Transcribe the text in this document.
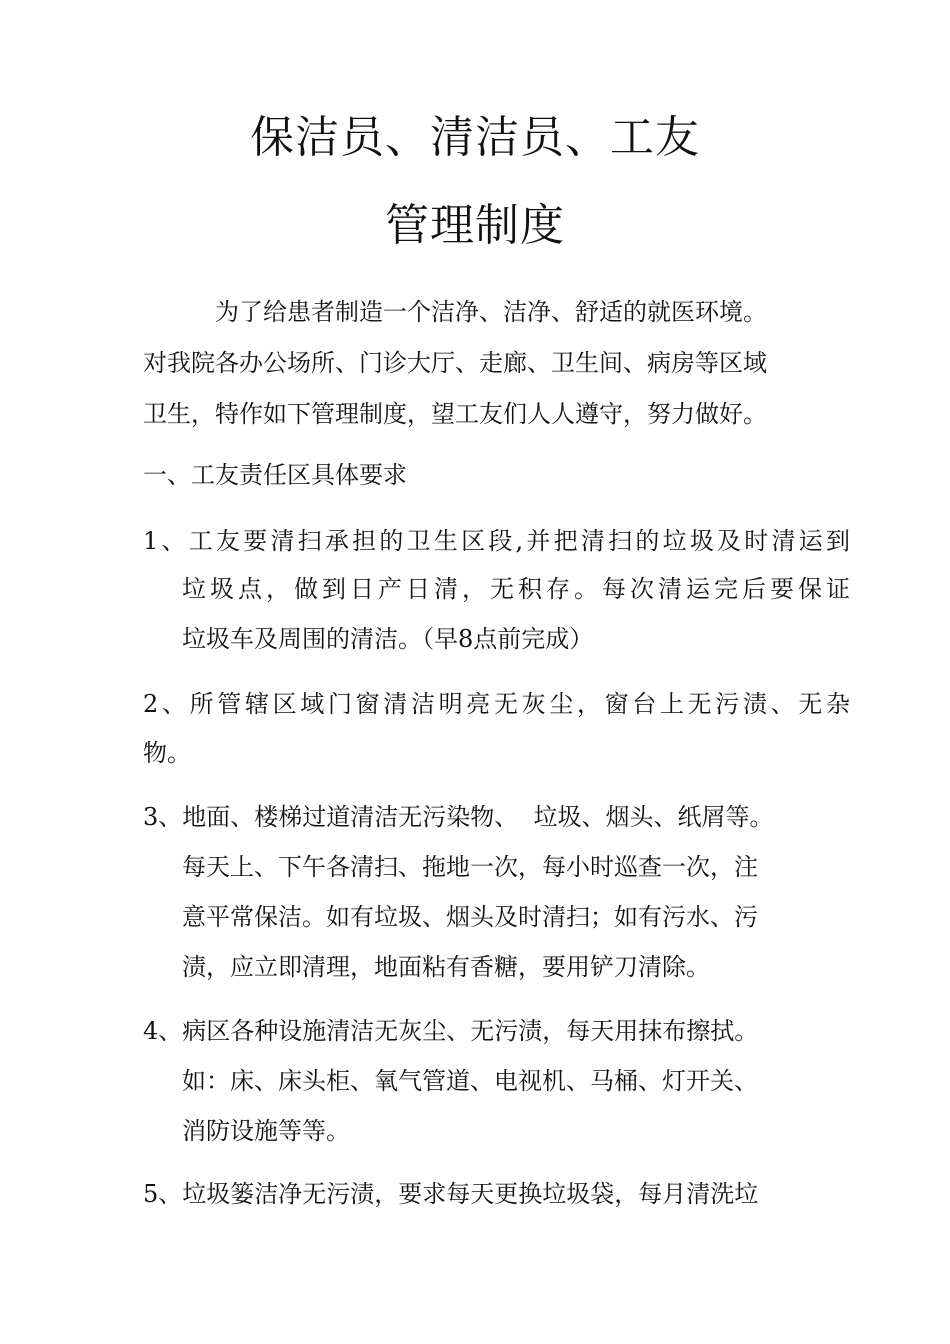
保洁员、清洁员、工友
管理制度
为了给患者制造一个洁净、洁净、舒适的就医环境。
对我院各办公场所、门诊大厅、走廊、卫生间、病房等区域
卫生，特作如下管理制度，望工友们人人遵守，努力做好。
一、工友责任区具体要求
1、工友要清扫承担的卫生区段,并把清扫的垃圾及时清运到
垃圾点，做到日产日清，无积存。每次清运完后要保证
垃圾车及周围的清洁。（早8点前完成）
2、所管辖区域门窗清洁明亮无灰尘，窗台上无污渍、无杂
物。
3、地面、楼梯过道清洁无污染物、  垃圾、烟头、纸屑等。
每天上、下午各清扫、拖地一次，每小时巡查一次，注
意平常保洁。如有垃圾、烟头及时清扫；如有污水、污
渍，应立即清理，地面粘有香糖，要用铲刀清除。
4、病区各种设施清洁无灰尘、无污渍，每天用抹布擦拭。
如：床、床头柜、氧气管道、电视机、马桶、灯开关、
消防设施等等。
5、垃圾篓洁净无污渍，要求每天更换垃圾袋，每月清洗垃
